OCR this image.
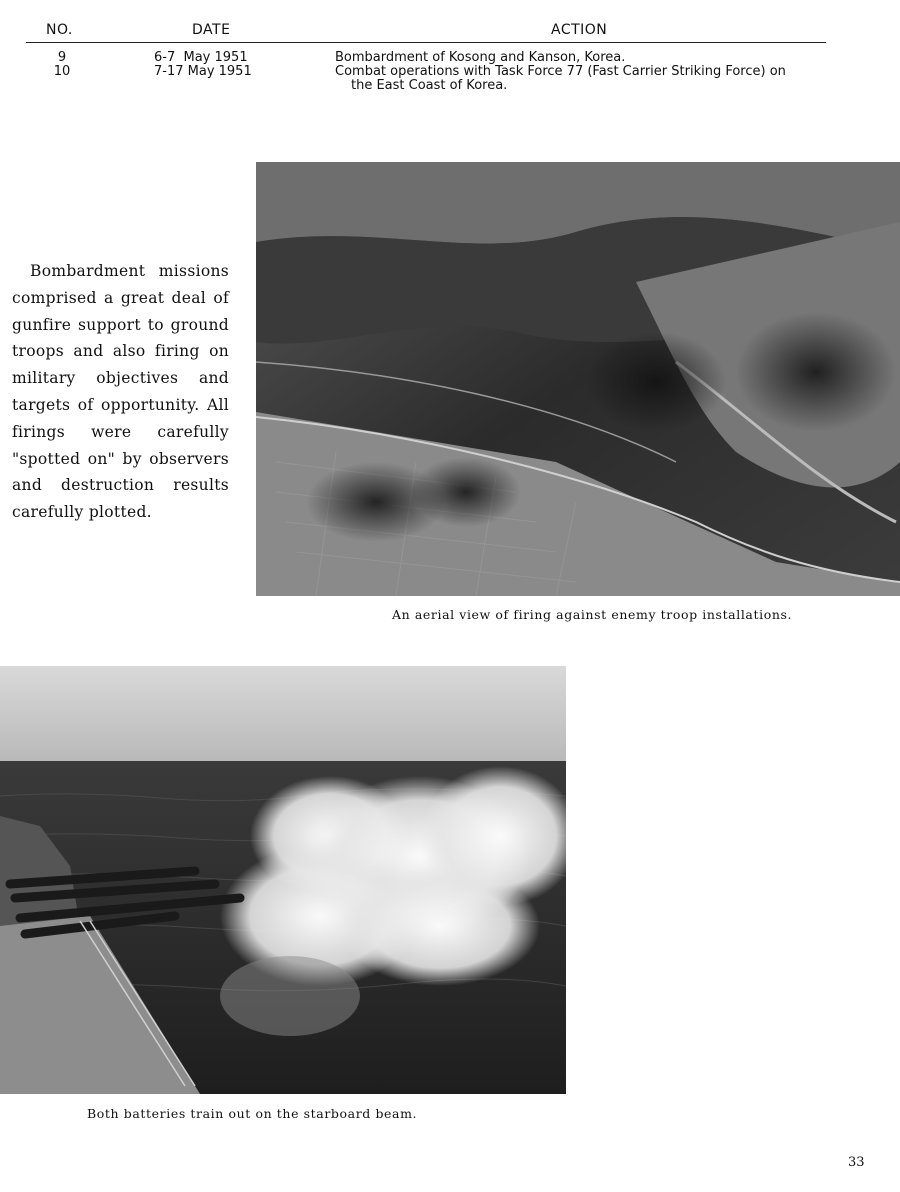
NO.	DATE	ACTION
9	6-7  May 1951	Bombardment of Kosong and Kanson, Korea.
10	7-17 May 1951	Combat operations with Task Force 77 (Fast Carrier Striking Force) on
the East Coast of Korea.
Bombardment missions comprised a great deal of gunfire support to ground troops and also firing on military objectives and targets of opportunity. All firings were carefully "spotted on" by observers and destruction results carefully plotted.
An aerial view of firing against enemy troop installations.
Both batteries train out on the starboard beam.
33
